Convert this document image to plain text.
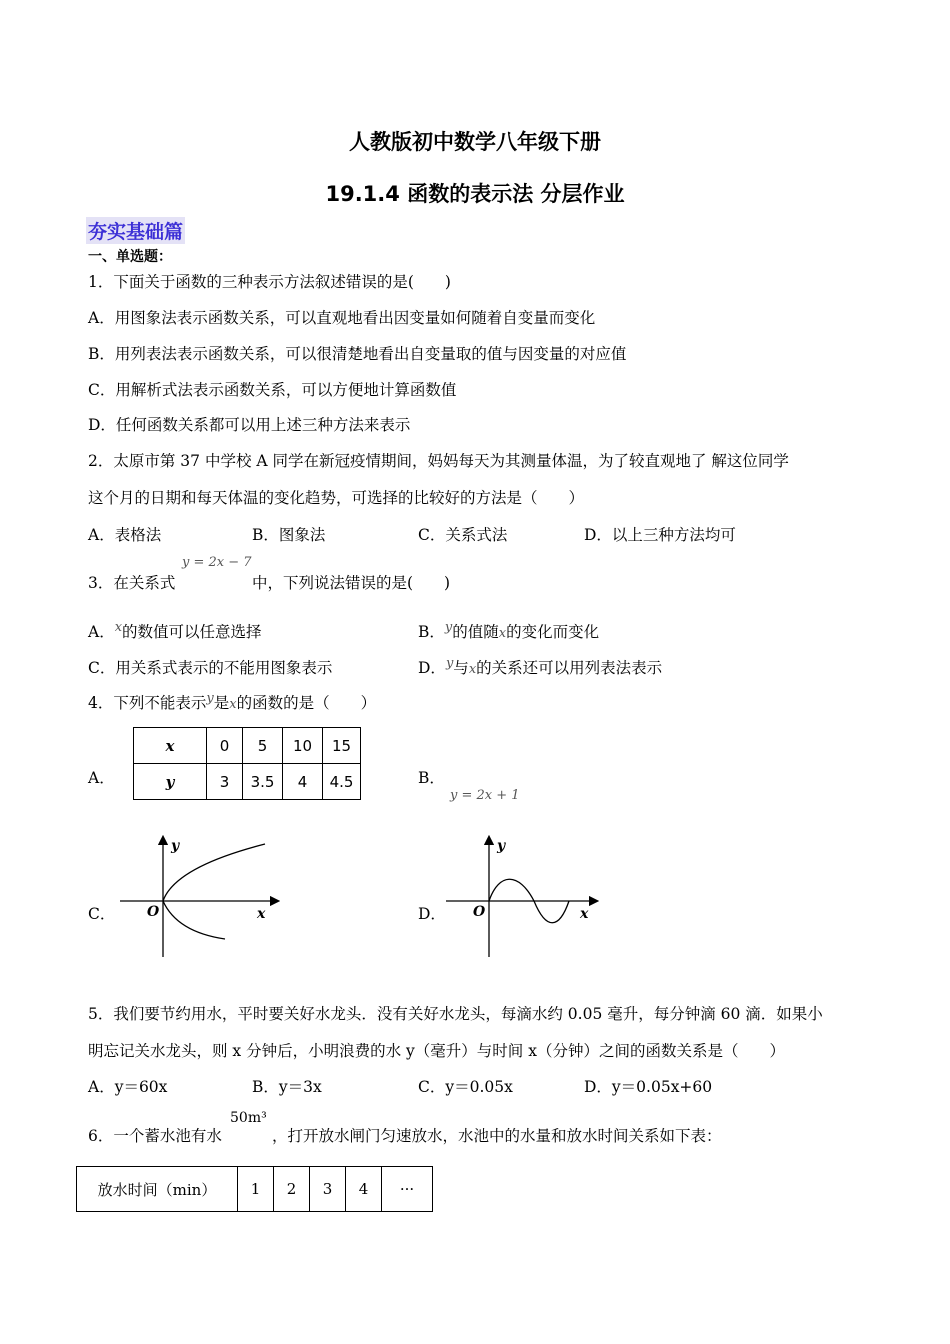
人教版初中数学八年级下册
19.1.4 函数的表示法 分层作业
夯实基础篇
一、单选题：
1．下面关于函数的三种表示方法叙述错误的是(　　)
A．用图象法表示函数关系，可以直观地看出因变量如何随着自变量而变化
B．用列表法表示函数关系，可以很清楚地看出自变量取的值与因变量的对应值
C．用解析式法表示函数关系，可以方便地计算函数值
D．任何函数关系都可以用上述三种方法来表示
2．太原市第 37 中学校 A 同学在新冠疫情期间，妈妈每天为其测量体温，为了较直观地了 解这位同学
这个月的日期和每天体温的变化趋势，可选择的比较好的方法是（　　）
A．表格法	B．图象法	C．关系式法	D．以上三种方法均可
3．在关系式
y = 2x − 7
中，下列说法错误的是(　　)
A．$^x$的数值可以任意选择	B．$^y$的值随x的变化而变化
C．用关系式表示的不能用图象表示	D．$^y$与x的关系还可以用列表法表示
4．下列不能表示$^y$是x的函数的是（　　）
A．
x	0	5	10	15
y	3	3.5	4	4.5	B．
y = 2x + 1
C．
y
x
O	D．
y
x
O
5．我们要节约用水，平时要关好水龙头．没有关好水龙头，每滴水约 0.05 毫升，每分钟滴 60 滴．如果小
明忘记关水龙头，则 x 分钟后，小明浪费的水 y（毫升）与时间 x（分钟）之间的函数关系是（　　）
A．y＝60x	B．y＝3x	C．y＝0.05x	D．y＝0.05x+60
6．一个蓄水池有水
50m³
，打开放水闸门匀速放水，水池中的水量和放水时间关系如下表：
放水时间（min）	1	2	3	4	···
